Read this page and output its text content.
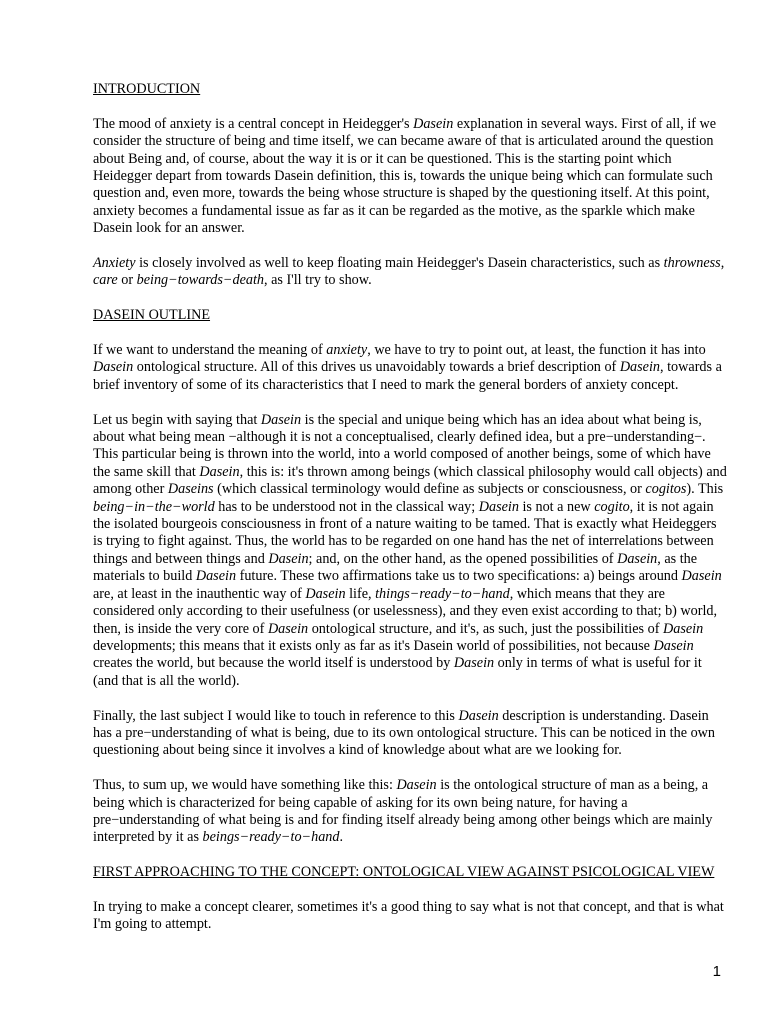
INTRODUCTION
The mood of anxiety is a central concept in Heidegger's Dasein explanation in several ways. First of all, if we consider the structure of being and time itself, we can became aware of that is articulated around the question about Being and, of course, about the way it is or it can be questioned. This is the starting point which Heidegger depart from towards Dasein definition, this is, towards the unique being which can formulate such question and, even more, towards the being whose structure is shaped by the questioning itself. At this point, anxiety becomes a fundamental issue as far as it can be regarded as the motive, as the sparkle which make Dasein look for an answer.
Anxiety is closely involved as well to keep floating main Heidegger's Dasein characteristics, such as throwness, care or being−towards−death, as I'll try to show.
DASEIN OUTLINE
If we want to understand the meaning of anxiety, we have to try to point out, at least, the function it has into Dasein ontological structure. All of this drives us unavoidably towards a brief description of Dasein, towards a brief inventory of some of its characteristics that I need to mark the general borders of anxiety concept.
Let us begin with saying that Dasein is the special and unique being which has an idea about what being is, about what being mean −although it is not a conceptualised, clearly defined idea, but a pre−understanding−. This particular being is thrown into the world, into a world composed of another beings, some of which have the same skill that Dasein, this is: it's thrown among beings (which classical philosophy would call objects) and among other Daseins (which classical terminology would define as subjects or consciousness, or cogitos). This being−in−the−world has to be understood not in the classical way; Dasein is not a new cogito, it is not again the isolated bourgeois consciousness in front of a nature waiting to be tamed. That is exactly what Heideggers is trying to fight against. Thus, the world has to be regarded on one hand has the net of interrelations between things and between things and Dasein; and, on the other hand, as the opened possibilities of Dasein, as the materials to build Dasein future. These two affirmations take us to two specifications: a) beings around Dasein are, at least in the inauthentic way of Dasein life, things−ready−to−hand, which means that they are considered only according to their usefulness (or uselessness), and they even exist according to that; b) world, then, is inside the very core of Dasein ontological structure, and it's, as such, just the possibilities of Dasein developments; this means that it exists only as far as it's Dasein world of possibilities, not because Dasein creates the world, but because the world itself is understood by Dasein only in terms of what is useful for it (and that is all the world).
Finally, the last subject I would like to touch in reference to this Dasein description is understanding. Dasein has a pre−understanding of what is being, due to its own ontological structure. This can be noticed in the own questioning about being since it involves a kind of knowledge about what are we looking for.
Thus, to sum up, we would have something like this: Dasein is the ontological structure of man as a being, a being which is characterized for being capable of asking for its own being nature, for having a pre−understanding of what being is and for finding itself already being among other beings which are mainly interpreted by it as beings−ready−to−hand.
FIRST APPROACHING TO THE CONCEPT: ONTOLOGICAL VIEW AGAINST PSICOLOGICAL VIEW
In trying to make a concept clearer, sometimes it's a good thing to say what is not that concept, and that is what I'm going to attempt.
1
